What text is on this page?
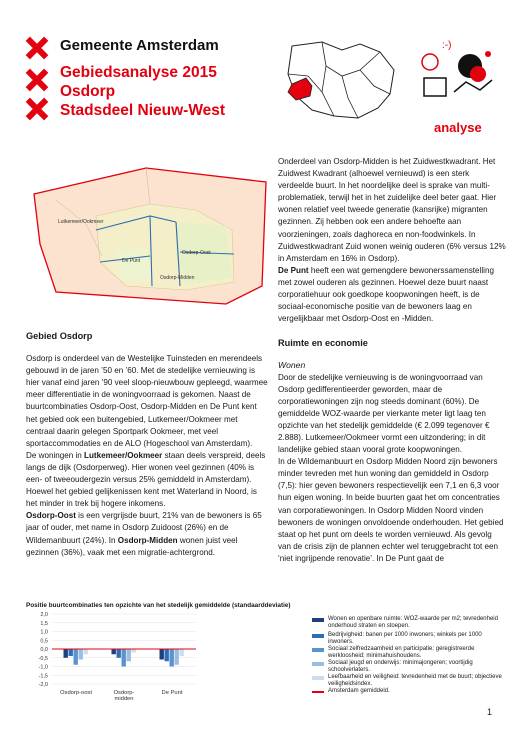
Gemeente Amsterdam
Gebiedsanalyse 2015
Osdorp
Stadsdeel Nieuw-West
:-)
analyse
Lutkemeer/Ookmeer
De Punt
Osdorp-Oost
Osdorp-Midden

Gebied Osdorp

Osdorp is onderdeel van de Westelijke Tuinsteden en merendeels gebouwd in de jaren ’50 en ’60. Met de stedelijke vernieuwing is hier vanaf eind jaren ’90 veel sloop-nieuwbouw gepleegd, waarmee meer differentiatie in de woningvoorraad is gekomen. Naast de buurtcombinaties Osdorp-Oost, Osdorp-Midden en De Punt kent het gebied ook een buitengebied, Lutkemeer/Ookmeer met centraal daarin gelegen Sportpark Ookmeer, met veel sportaccommodaties en de ALO (Hogeschool van Amsterdam).

De woningen in Lutkemeer/Ookmeer staan deels verspreid, deels langs de dijk (Osdorperweg). Hier wonen veel gezinnen (40% is een- of tweeoudergezin versus 25% gemiddeld in Amsterdam). Hoewel het gebied gelijkenissen kent met Waterland in Noord, is het minder in trek bij hogere inkomens.

Osdorp-Oost is een vergrijsde buurt, 21% van de bewoners is 65 jaar of ouder, met name in Osdorp Zuidoost (26%) en de Wildemanbuurt (24%). In Osdorp-Midden wonen juist veel gezinnen (36%), vaak met een migratie-achtergrond.

Onderdeel van Osdorp-Midden is het Zuidwestkwadrant. Het Zuidwest Kwadrant (alhoewel vernieuwd) is een sterk verdeelde buurt. In het noordelijke deel is sprake van multi-problematiek, terwijl het in het zuidelijke deel beter gaat. Hier wonen relatief veel tweede generatie (kansrijke) migranten gezinnen. Zij hebben ook een andere behoefte aan voorzieningen, zoals daghoreca en non-foodwinkels. In Zuidwestkwadrant Zuid wonen weinig ouderen (6% versus 12% in Amsterdam en 16% in Osdorp).

De Punt heeft een wat gemengdere bewonerssamenstelling met zowel ouderen als gezinnen. Hoewel deze buurt naast corporatiehuur ook goedkope koopwoningen heeft, is de sociaal-economische positie van de bewoners laag en vergelijkbaar met Osdorp-Oost en -Midden.

Ruimte en economie

Wonen

Door de stedelijke vernieuwing is de woningvoorraad van Osdorp gedifferentieerder geworden, maar de corporatiewoningen zijn nog steeds dominant (60%). De gemiddelde WOZ-waarde per vierkante meter ligt laag ten opzichte van het stedelijk gemiddelde (€ 2.099 tegenover € 2.888). Lutkemeer/Ookmeer vormt een uitzondering; in dit landelijke gebied staan vooral grote koopwoningen.

In de Wildemanbuurt en Osdorp Midden Noord zijn bewoners minder tevreden met hun woning dan gemiddeld in Osdorp (7,5): hier geven bewoners respectievelijk een 7,1 en 6,3 voor hun eigen woning. In beide buurten gaat het om concentraties van corporatiewoningen. In Osdorp Midden Noord vinden bewoners de woningen onvoldoende onderhouden. Het gebied staat op het punt om deels te worden vernieuwd. Als gevolg van de crisis zijn de plannen echter wel teruggebracht tot een ‘niet ingrijpende renovatie’. In De Punt gaat de

Positie buurtcombinaties ten opzichte van het stedelijk gemiddelde (standaarddeviatie)
2,0
1,5
1,0
0,5
0,0
-0,5
-1,0
-1,5
-2,0
Osdorp-oost	Osdorp-
midden
De Punt
Wonen en openbare ruimte: WOZ-waarde per m2; tevredenheid onderhoud straten en stoepen.
Bedrijvigheid: banen per 1000 inwoners; winkels per 1000 inwoners.
Sociaal zelfredzaamheid en participatie: geregistreerde werkloosheid; minimahuishoudens.
Sociaal jeugd en onderwijs: minimajongeren; voortijdig schoolverlaters.
Leefbaarheid en veiligheid: tevredenheid met de buurt; objectieve veiligheidsindex.
Amsterdam gemiddeld.
1
